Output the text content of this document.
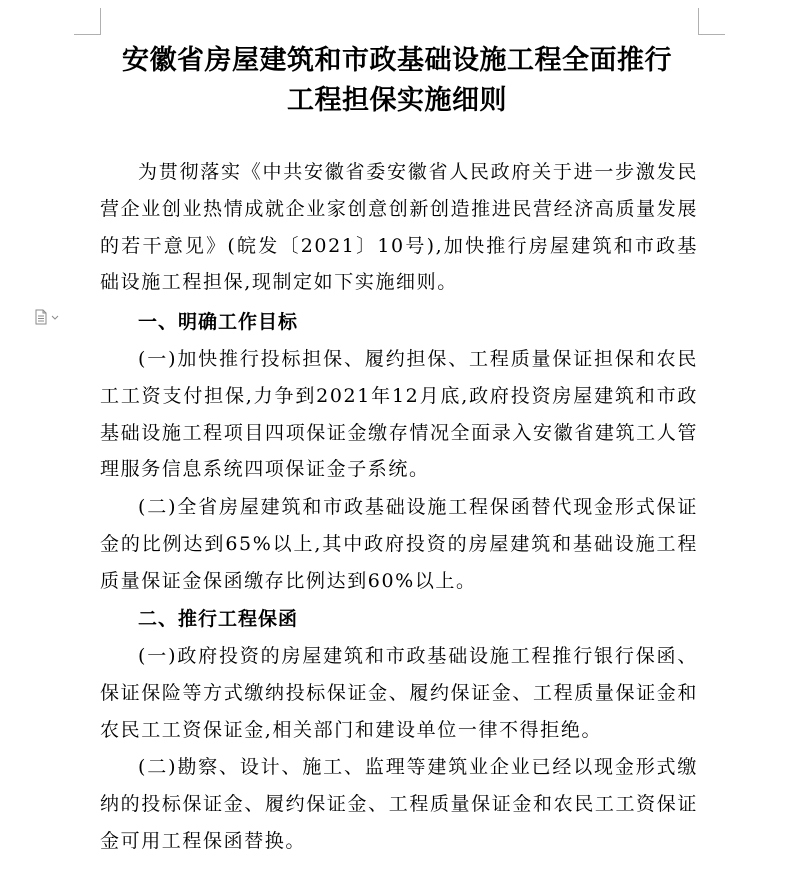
安徽省房屋建筑和市政基础设施工程全面推行
工程担保实施细则

为贯彻落实《中共安徽省委安徽省人民政府关于进一步激发民营企业创业热情成就企业家创意创新创造推进民营经济高质量发展的若干意见》(皖发〔2021〕10号),加快推行房屋建筑和市政基础设施工程担保,现制定如下实施细则。

一、明确工作目标

(一)加快推行投标担保、履约担保、工程质量保证担保和农民工工资支付担保,力争到2021年12月底,政府投资房屋建筑和市政基础设施工程项目四项保证金缴存情况全面录入安徽省建筑工人管理服务信息系统四项保证金子系统。

(二)全省房屋建筑和市政基础设施工程保函替代现金形式保证金的比例达到65%以上,其中政府投资的房屋建筑和基础设施工程质量保证金保函缴存比例达到60%以上。

二、推行工程保函

(一)政府投资的房屋建筑和市政基础设施工程推行银行保函、保证保险等方式缴纳投标保证金、履约保证金、工程质量保证金和农民工工资保证金,相关部门和建设单位一律不得拒绝。

(二)勘察、设计、施工、监理等建筑业企业已经以现金形式缴纳的投标保证金、履约保证金、工程质量保证金和农民工工资保证金可用工程保函替换。
